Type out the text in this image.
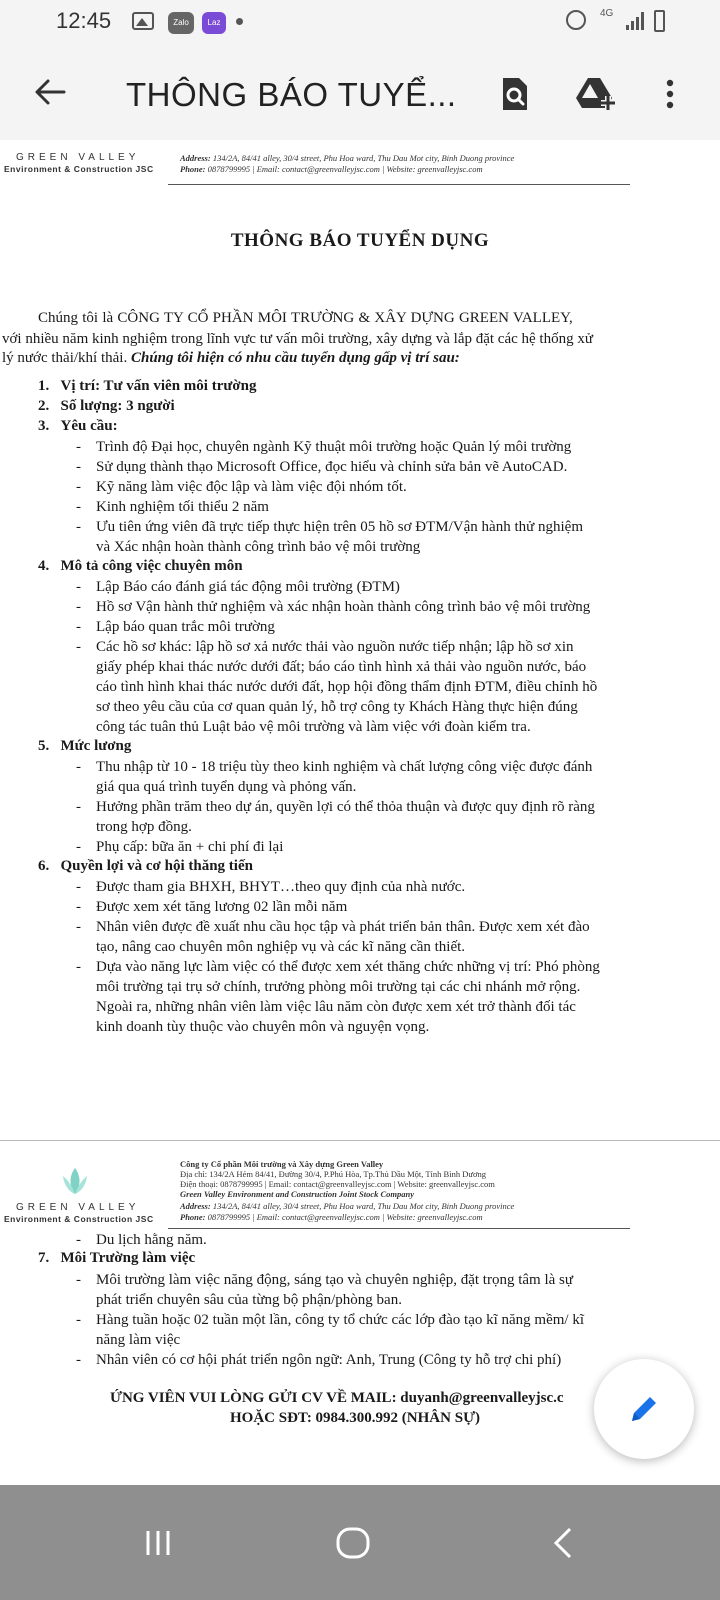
12:45	Zalo	Laz
4G
THÔNG BÁO TUYỂ...
GREEN VALLEY
Environment & Construction JSC
Address: 134/2A, 84/41 alley, 30/4 street, Phu Hoa ward, Thu Dau Mot city, Binh Duong province
Phone: 0878799995 | Email: contact@greenvalleyjsc.com | Website: greenvalleyjsc.com
THÔNG BÁO TUYỂN DỤNG
Chúng tôi là CÔNG TY CỔ PHẦN MÔI TRƯỜNG & XÂY DỰNG GREEN VALLEY,
với nhiều năm kinh nghiệm trong lĩnh vực tư vấn môi trường, xây dựng và lắp đặt các hệ thống xử
lý nước thải/khí thải. Chúng tôi hiện có nhu cầu tuyển dụng gấp vị trí sau:
1. Vị trí: Tư vấn viên môi trường
2. Số lượng: 3 người
3. Yêu cầu:
- Trình độ Đại học, chuyên ngành Kỹ thuật môi trường hoặc Quản lý môi trường
- Sử dụng thành thạo Microsoft Office, đọc hiểu và chỉnh sửa bản vẽ AutoCAD.
- Kỹ năng làm việc độc lập và làm việc đội nhóm tốt.
- Kinh nghiệm tối thiểu 2 năm
- Ưu tiên ứng viên đã trực tiếp thực hiện trên 05 hồ sơ ĐTM/Vận hành thử nghiệm
và Xác nhận hoàn thành công trình bảo vệ môi trường
4. Mô tả công việc chuyên môn
- Lập Báo cáo đánh giá tác động môi trường (ĐTM)
- Hồ sơ Vận hành thử nghiệm và xác nhận hoàn thành công trình bảo vệ môi trường
- Lập báo quan trắc môi trường
- Các hồ sơ khác: lập hồ sơ xả nước thải vào nguồn nước tiếp nhận; lập hồ sơ xin
giấy phép khai thác nước dưới đất; báo cáo tình hình xả thải vào nguồn nước, báo
cáo tình hình khai thác nước dưới đất, họp hội đồng thẩm định ĐTM, điều chỉnh hồ
sơ theo yêu cầu của cơ quan quản lý, hỗ trợ công ty Khách Hàng thực hiện đúng
công tác tuân thủ Luật bảo vệ môi trường và làm việc với đoàn kiểm tra.
5. Mức lương
- Thu nhập từ 10 - 18 triệu tùy theo kinh nghiệm và chất lượng công việc được đánh
giá qua quá trình tuyển dụng và phỏng vấn.
- Hưởng phần trăm theo dự án, quyền lợi có thể thỏa thuận và được quy định rõ ràng
trong hợp đồng.
- Phụ cấp: bữa ăn + chi phí đi lại
6. Quyền lợi và cơ hội thăng tiến
- Được tham gia BHXH, BHYT…theo quy định của nhà nước.
- Được xem xét tăng lương 02 lần mỗi năm
- Nhân viên được đề xuất nhu cầu học tập và phát triển bản thân. Được xem xét đào
tạo, nâng cao chuyên môn nghiệp vụ và các kĩ năng cần thiết.
- Dựa vào năng lực làm việc có thể được xem xét thăng chức những vị trí: Phó phòng
môi trường tại trụ sở chính, trưởng phòng môi trường tại các chi nhánh mở rộng.
Ngoài ra, những nhân viên làm việc lâu năm còn được xem xét trở thành đối tác
kinh doanh tùy thuộc vào chuyên môn và nguyện vọng.
Công ty Cổ phần Môi trường và Xây dựng Green Valley
Địa chỉ: 134/2A Hẻm 84/41, Đường 30/4, P.Phú Hòa, Tp.Thủ Dầu Một, Tỉnh Bình Dương
Điện thoại: 0878799995 | Email: contact@greenvalleyjsc.com | Website: greenvalleyjsc.com
Green Valley Environment and Construction Joint Stock Company
GREEN VALLEY
Environment & Construction JSC
Address: 134/2A, 84/41 alley, 30/4 street, Phu Hoa ward, Thu Dau Mot city, Binh Duong province
Phone: 0878799995 | Email: contact@greenvalleyjsc.com | Website: greenvalleyjsc.com
- Du lịch hằng năm.
7. Môi Trường làm việc
- Môi trường làm việc năng động, sáng tạo và chuyên nghiệp, đặt trọng tâm là sự
phát triển chuyên sâu của từng bộ phận/phòng ban.
- Hàng tuần hoặc 02 tuần một lần, công ty tổ chức các lớp đào tạo kĩ năng mềm/ kĩ
năng làm việc
- Nhân viên có cơ hội phát triển ngôn ngữ: Anh, Trung (Công ty hỗ trợ chi phí)
ỨNG VIÊN VUI LÒNG GỬI CV VỀ MAIL: duyanh@greenvalleyjsc.c
HOẶC SĐT: 0984.300.992 (NHÂN SỰ)
